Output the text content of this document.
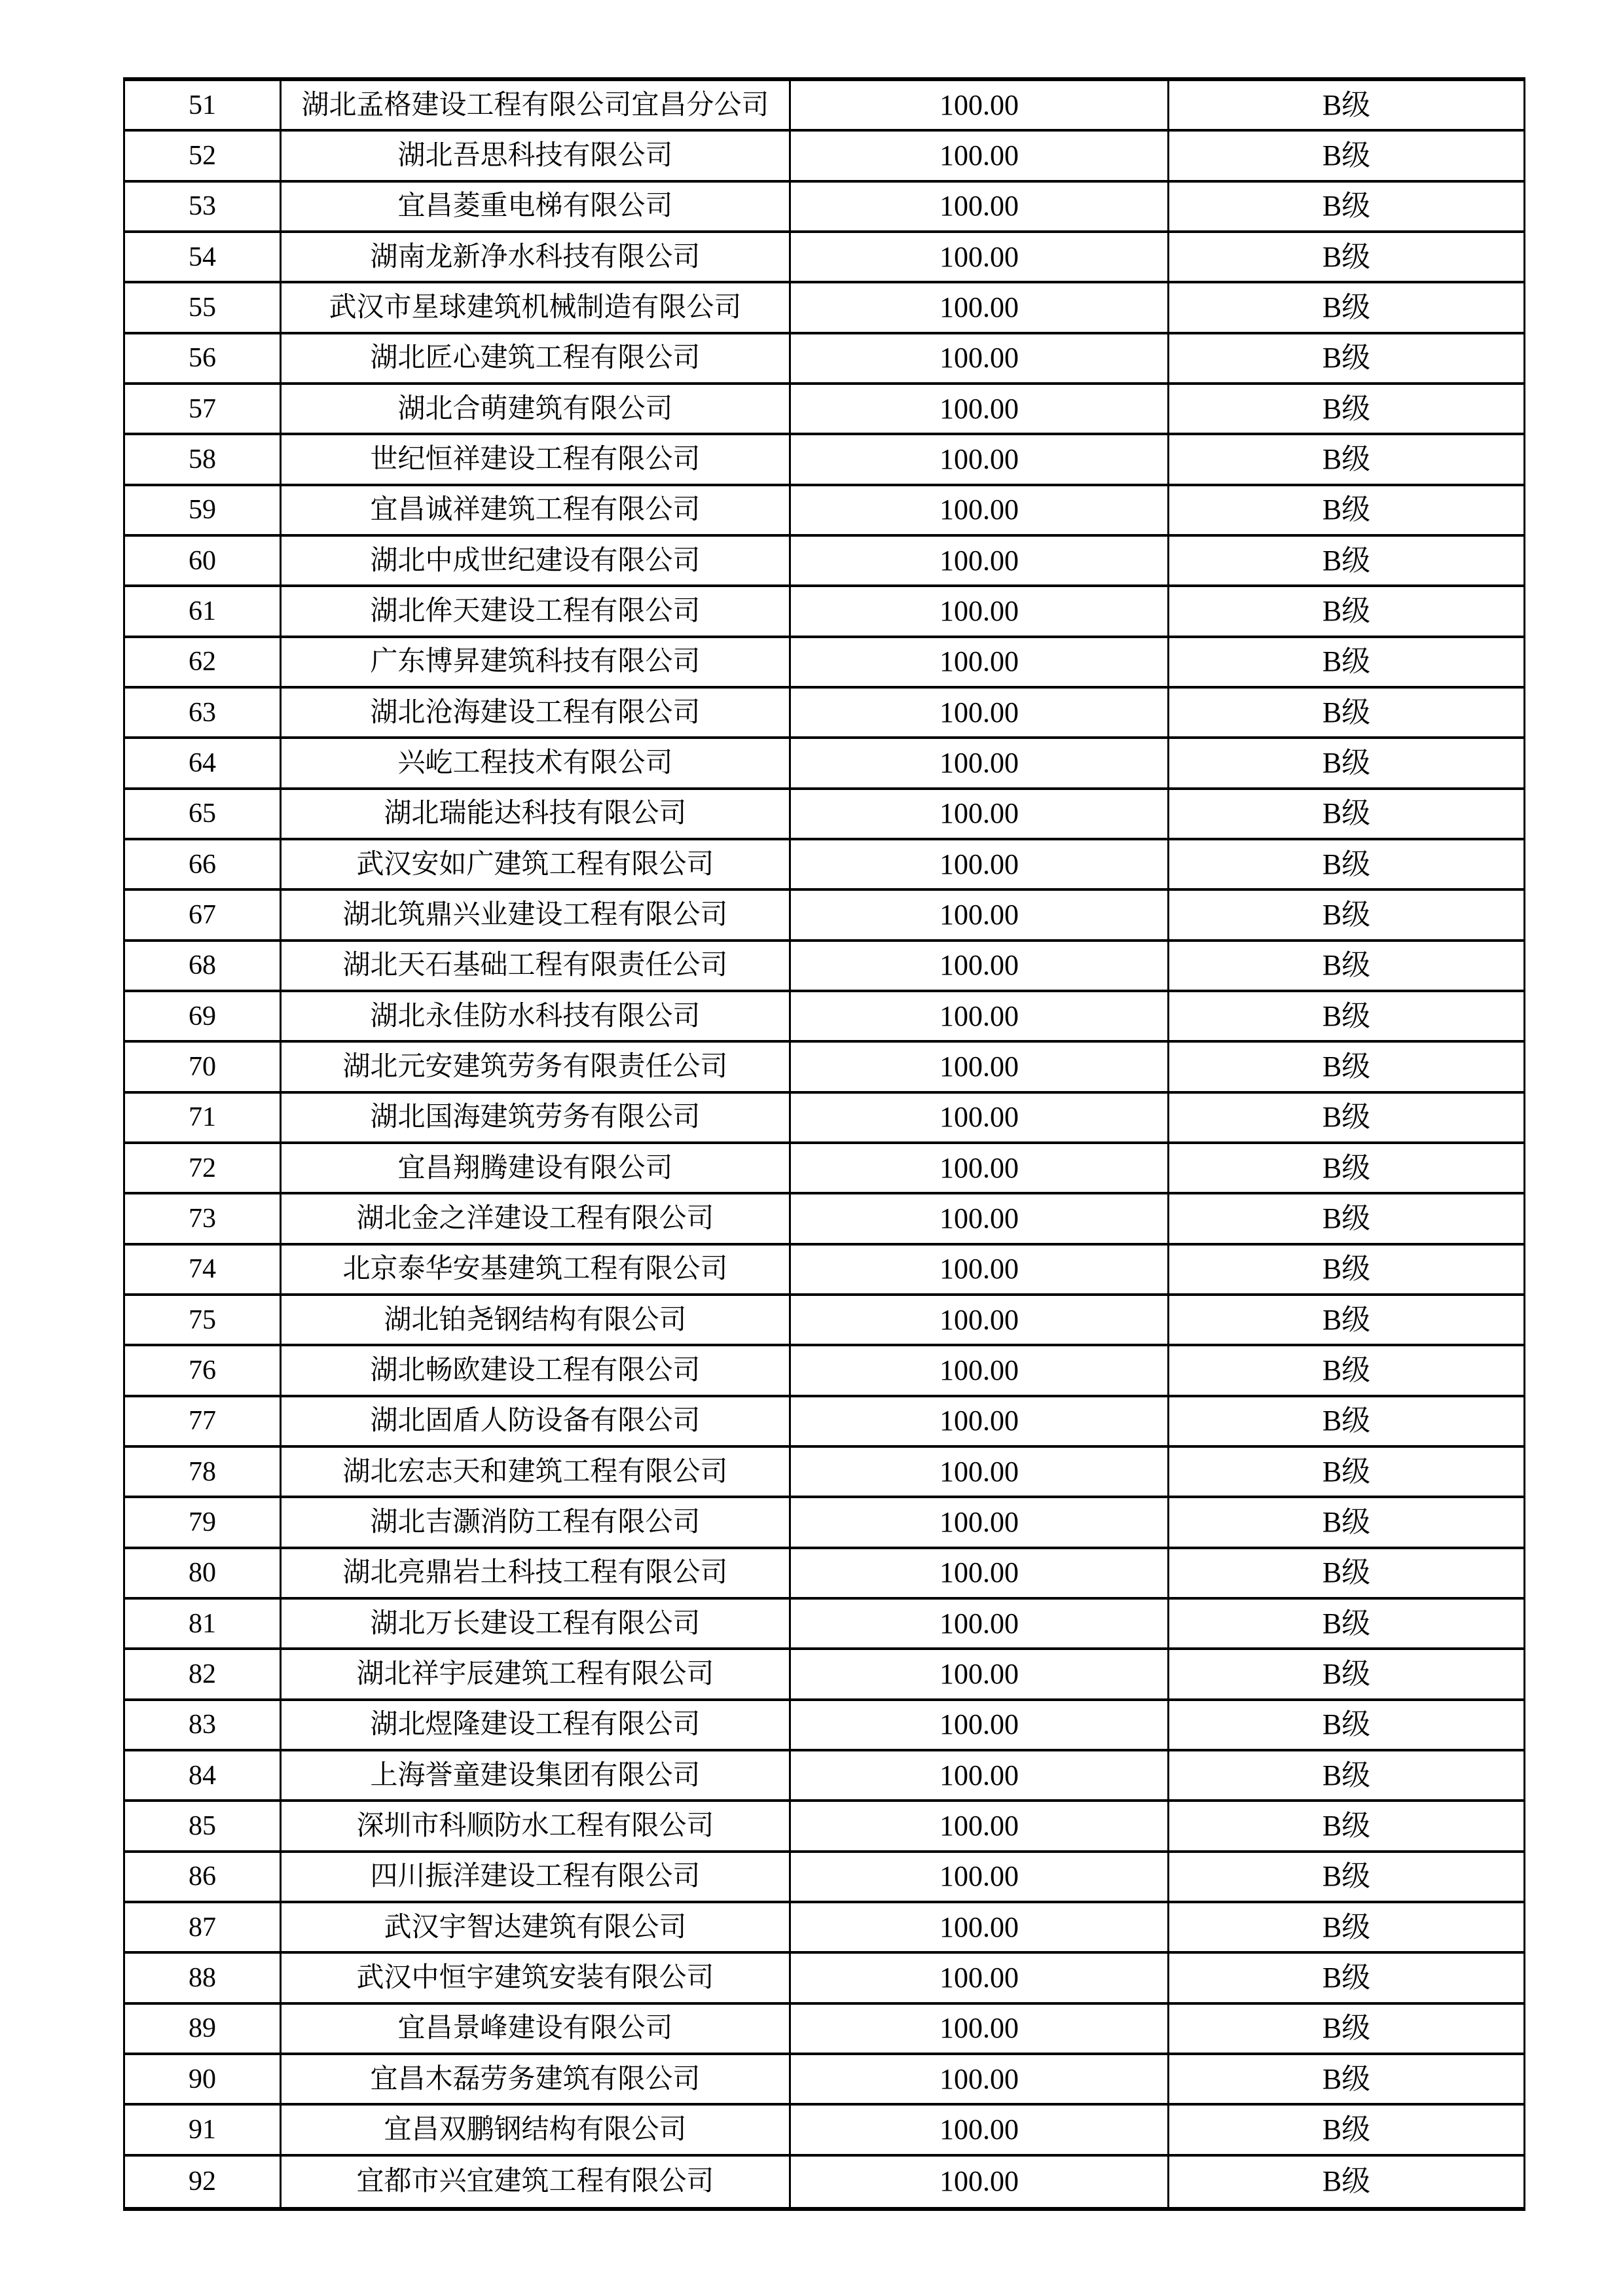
51	湖北孟格建设工程有限公司宜昌分公司	100.00	B级
52	湖北吾思科技有限公司	100.00	B级
53	宜昌菱重电梯有限公司	100.00	B级
54	湖南龙新净水科技有限公司	100.00	B级
55	武汉市星球建筑机械制造有限公司	100.00	B级
56	湖北匠心建筑工程有限公司	100.00	B级
57	湖北合萌建筑有限公司	100.00	B级
58	世纪恒祥建设工程有限公司	100.00	B级
59	宜昌诚祥建筑工程有限公司	100.00	B级
60	湖北中成世纪建设有限公司	100.00	B级
61	湖北侔天建设工程有限公司	100.00	B级
62	广东博昇建筑科技有限公司	100.00	B级
63	湖北沧海建设工程有限公司	100.00	B级
64	兴屹工程技术有限公司	100.00	B级
65	湖北瑞能达科技有限公司	100.00	B级
66	武汉安如广建筑工程有限公司	100.00	B级
67	湖北筑鼎兴业建设工程有限公司	100.00	B级
68	湖北天石基础工程有限责任公司	100.00	B级
69	湖北永佳防水科技有限公司	100.00	B级
70	湖北元安建筑劳务有限责任公司	100.00	B级
71	湖北国海建筑劳务有限公司	100.00	B级
72	宜昌翔腾建设有限公司	100.00	B级
73	湖北金之洋建设工程有限公司	100.00	B级
74	北京泰华安基建筑工程有限公司	100.00	B级
75	湖北铂尧钢结构有限公司	100.00	B级
76	湖北畅欧建设工程有限公司	100.00	B级
77	湖北固盾人防设备有限公司	100.00	B级
78	湖北宏志天和建筑工程有限公司	100.00	B级
79	湖北吉灏消防工程有限公司	100.00	B级
80	湖北亮鼎岩土科技工程有限公司	100.00	B级
81	湖北万长建设工程有限公司	100.00	B级
82	湖北祥宇辰建筑工程有限公司	100.00	B级
83	湖北煜隆建设工程有限公司	100.00	B级
84	上海誉童建设集团有限公司	100.00	B级
85	深圳市科顺防水工程有限公司	100.00	B级
86	四川振洋建设工程有限公司	100.00	B级
87	武汉宇智达建筑有限公司	100.00	B级
88	武汉中恒宇建筑安装有限公司	100.00	B级
89	宜昌景峰建设有限公司	100.00	B级
90	宜昌木磊劳务建筑有限公司	100.00	B级
91	宜昌双鹏钢结构有限公司	100.00	B级
92	宜都市兴宜建筑工程有限公司	100.00	B级
